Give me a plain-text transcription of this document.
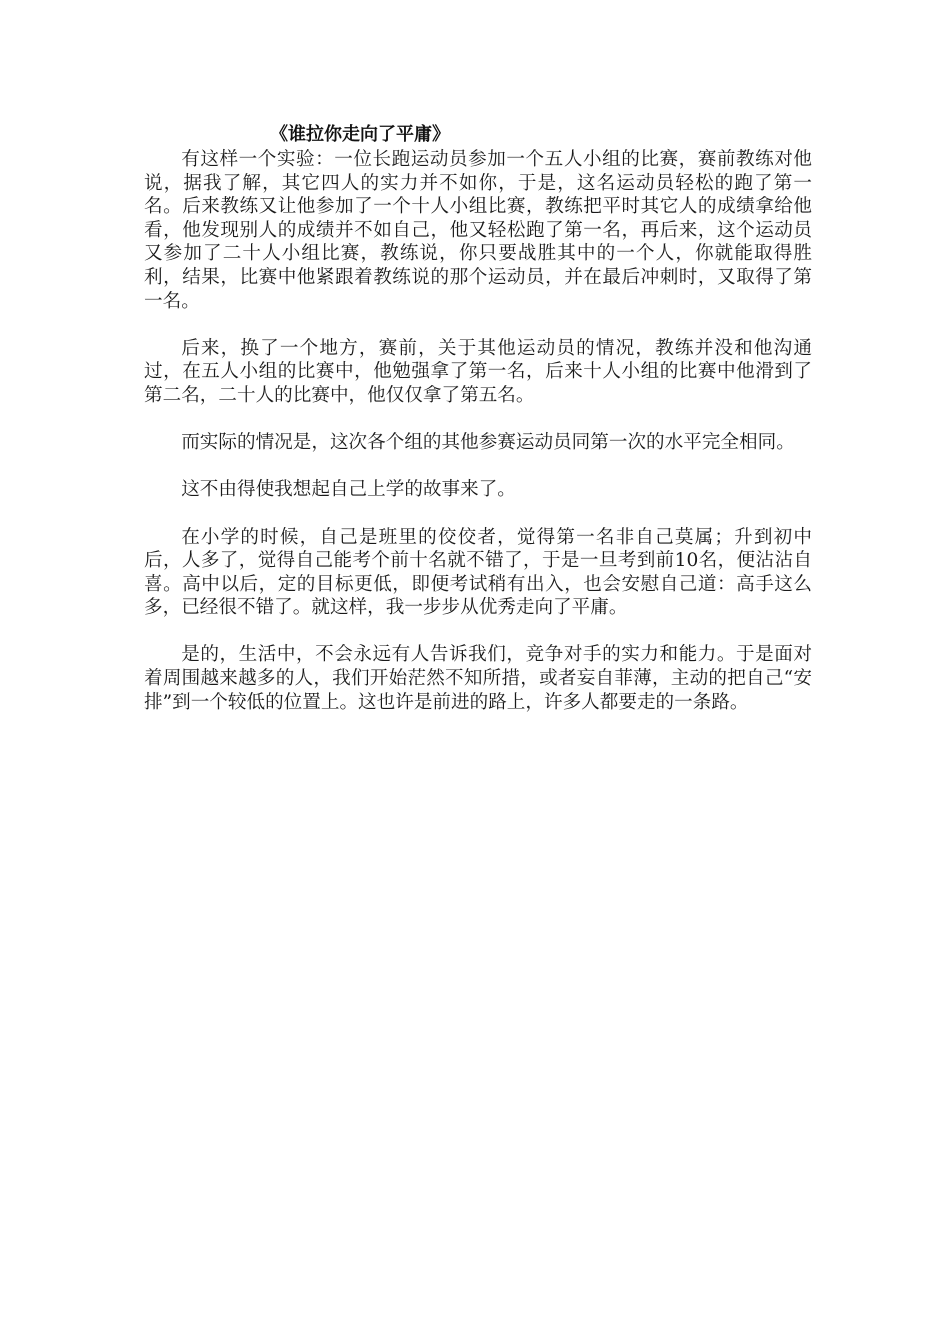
《谁拉你走向了平庸》

有这样一个实验：一位长跑运动员参加一个五人小组的比赛，赛前教练对他说，据我了解，其它四人的实力并不如你，于是，这名运动员轻松的跑了第一名。后来教练又让他参加了一个十人小组比赛，教练把平时其它人的成绩拿给他看，他发现别人的成绩并不如自己，他又轻松跑了第一名，再后来，这个运动员又参加了二十人小组比赛，教练说，你只要战胜其中的一个人，你就能取得胜利，结果，比赛中他紧跟着教练说的那个运动员，并在最后冲刺时，又取得了第一名。

后来，换了一个地方，赛前，关于其他运动员的情况，教练并没和他沟通过，在五人小组的比赛中，他勉强拿了第一名，后来十人小组的比赛中他滑到了第二名，二十人的比赛中，他仅仅拿了第五名。

而实际的情况是，这次各个组的其他参赛运动员同第一次的水平完全相同。

这不由得使我想起自己上学的故事来了。

在小学的时候，自己是班里的佼佼者，觉得第一名非自己莫属；升到初中后，人多了，觉得自己能考个前十名就不错了，于是一旦考到前10名，便沾沾自喜。高中以后，定的目标更低，即便考试稍有出入，也会安慰自己道：高手这么多，已经很不错了。就这样，我一步步从优秀走向了平庸。

是的，生活中，不会永远有人告诉我们，竞争对手的实力和能力。于是面对着周围越来越多的人，我们开始茫然不知所措，或者妄自菲薄，主动的把自己“安排”到一个较低的位置上。这也许是前进的路上，许多人都要走的一条路。
